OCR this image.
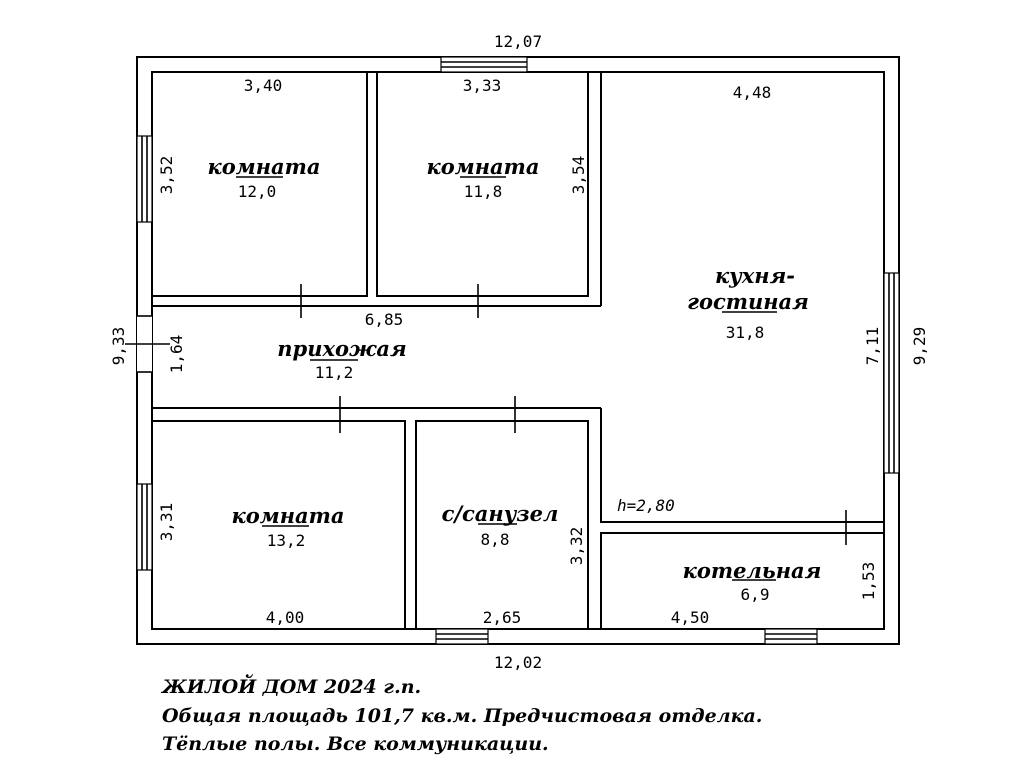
комната
12,0
комната
11,8
кухня-
гостиная
31,8
прихожая
11,2
комната
13,2
с/санузел
8,8
котельная
6,9
12,07
3,40	3,33	4,48
6,85
4,00	2,65	4,50
12,02
h=2,80
3,52	3,54
9,33 1,64	7,11 9,29
3,31
3,32
1,53

ЖИЛОЙ ДОМ 2024 г.п.

Общая площадь 101,7 кв.м. Предчистовая отделка.

Тёплые полы. Все коммуникации.
